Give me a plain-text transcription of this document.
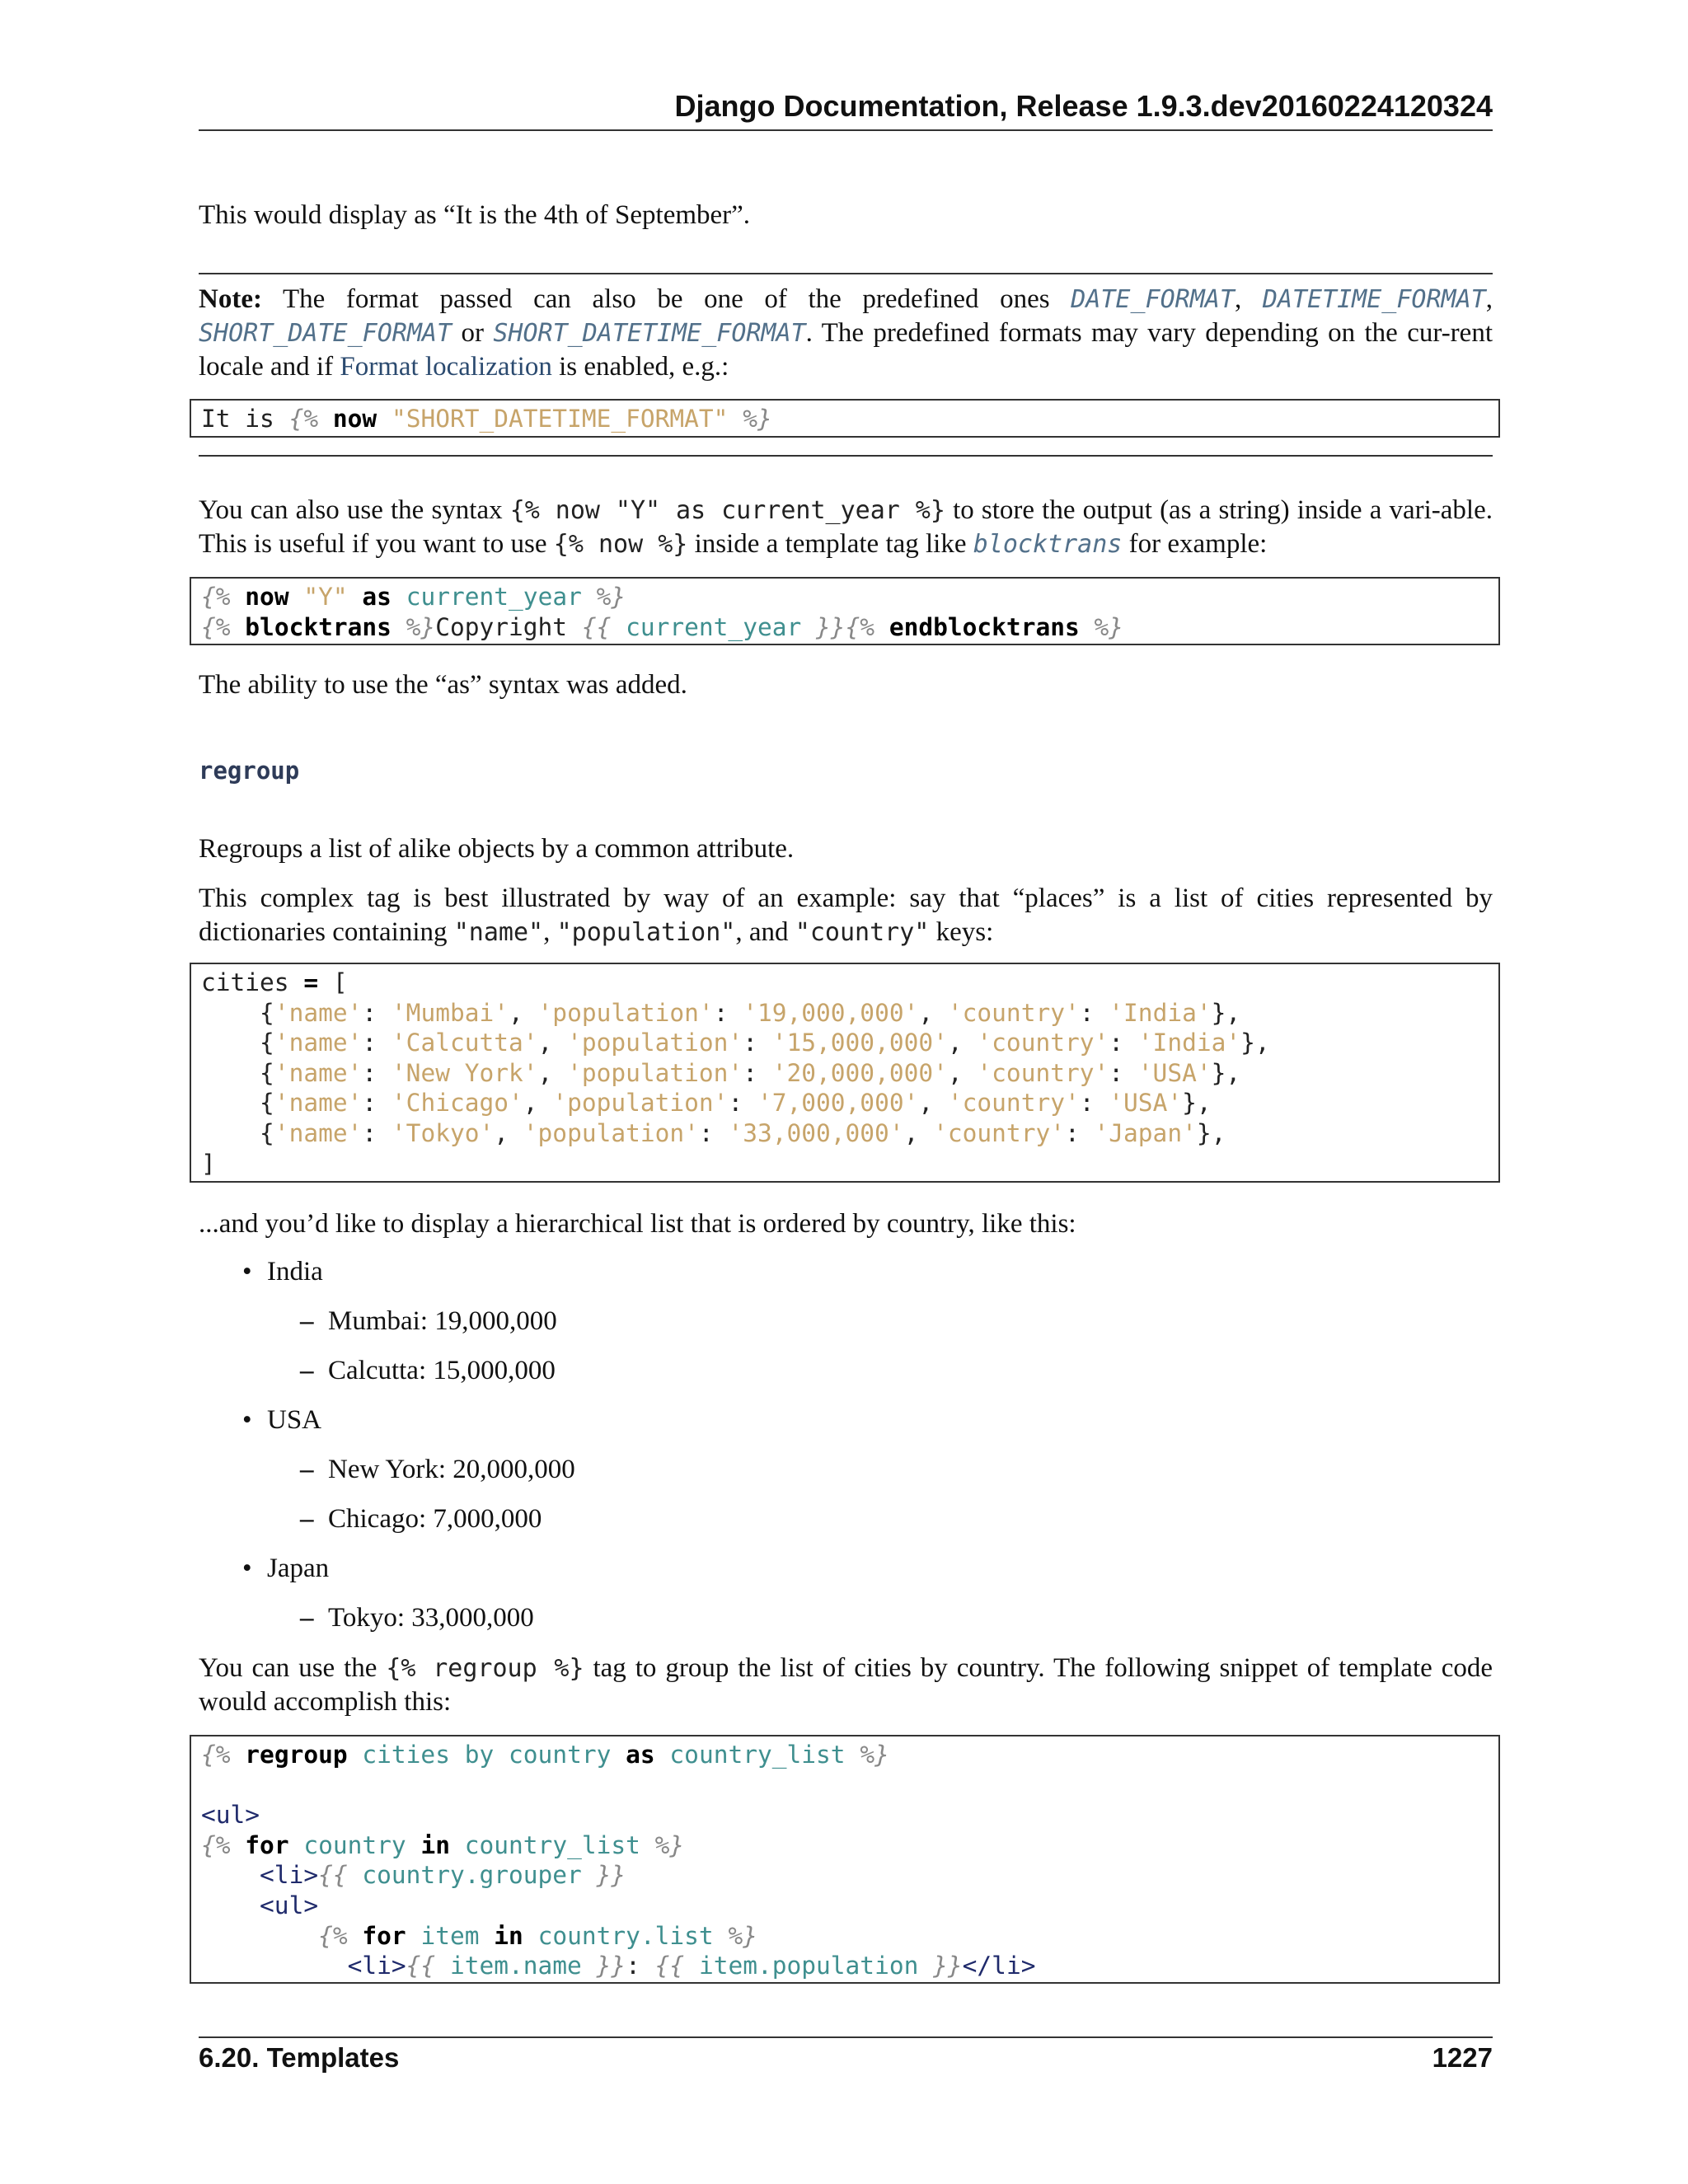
Django Documentation, Release 1.9.3.dev20160224120324
This would display as “It is the 4th of September”.
Note: The format passed can also be one of the predefined ones DATE_FORMAT, DATETIME_FORMAT, SHORT_DATE_FORMAT or SHORT_DATETIME_FORMAT. The predefined formats may vary depending on the cur-rent locale and if Format localization is enabled, e.g.:
It is {% now "SHORT_DATETIME_FORMAT" %}
You can also use the syntax {% now "Y" as current_year %} to store the output (as a string) inside a vari-able. This is useful if you want to use {% now %} inside a template tag like blocktrans for example:
{% now "Y" as current_year %}
{% blocktrans %}Copyright {{ current_year }}{% endblocktrans %}
The ability to use the “as” syntax was added.
regroup
Regroups a list of alike objects by a common attribute.
This complex tag is best illustrated by way of an example: say that “places” is a list of cities represented by dictionaries containing "name", "population", and "country" keys:
cities = [
{'name': 'Mumbai', 'population': '19,000,000', 'country': 'India'},
{'name': 'Calcutta', 'population': '15,000,000', 'country': 'India'},
{'name': 'New York', 'population': '20,000,000', 'country': 'USA'},
{'name': 'Chicago', 'population': '7,000,000', 'country': 'USA'},
{'name': 'Tokyo', 'population': '33,000,000', 'country': 'Japan'},
]
...and you’d like to display a hierarchical list that is ordered by country, like this:
• India
– Mumbai: 19,000,000
– Calcutta: 15,000,000
• USA
– New York: 20,000,000
– Chicago: 7,000,000
• Japan
– Tokyo: 33,000,000
You can use the {% regroup %} tag to group the list of cities by country. The following snippet of template code would accomplish this:
{% regroup cities by country as country_list %}

<ul>
{% for country in country_list %}
<li>{{ country.grouper }}
<ul>
{% for item in country.list %}
<li>{{ item.name }}: {{ item.population }}</li>
6.20. Templates	1227
